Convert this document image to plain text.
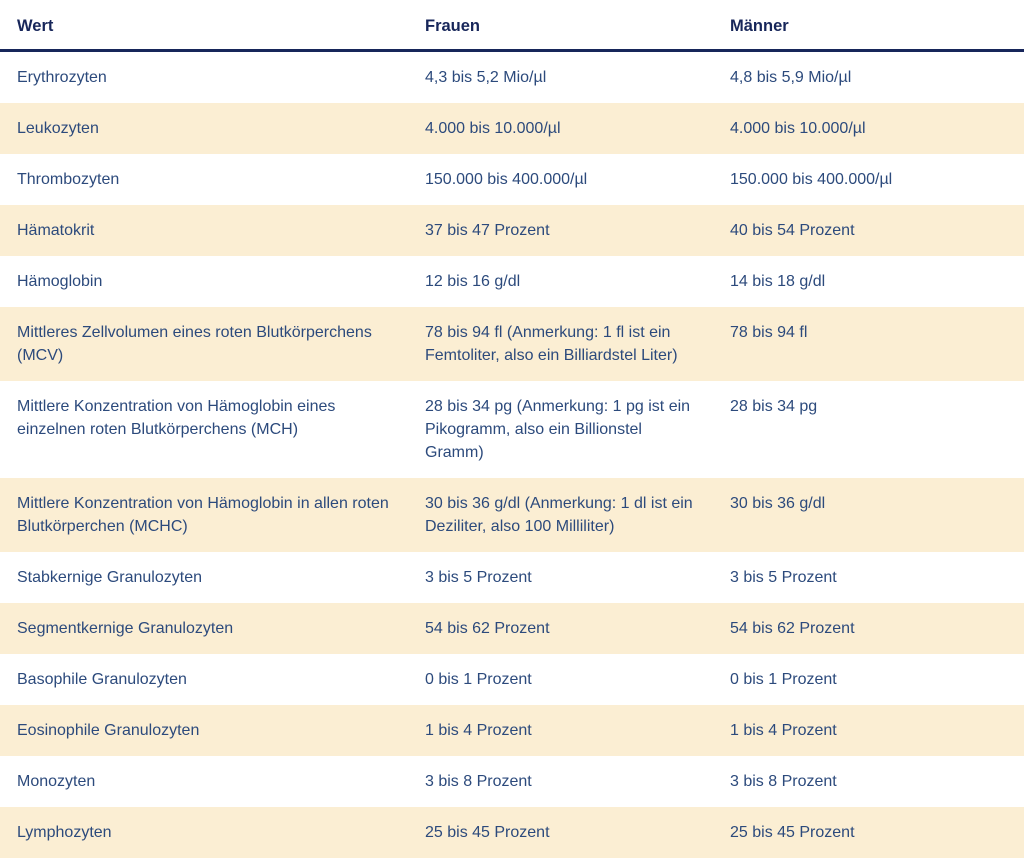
Wert	Frauen	Männer
Erythrozyten	4,3 bis 5,2 Mio/µl	4,8 bis 5,9 Mio/µl
Leukozyten	4.000 bis 10.000/µl	4.000 bis 10.000/µl
Thrombozyten	150.000 bis 400.000/µl	150.000 bis 400.000/µl
Hämatokrit	37 bis 47 Prozent	40 bis 54 Prozent
Hämoglobin	12 bis 16 g/dl	14 bis 18 g/dl
Mittleres Zellvolumen eines roten Blutkörperchens (MCV)	78 bis 94 fl (Anmerkung: 1 fl ist ein Femtoliter, also ein Billiardstel Liter)	78 bis 94 fl
Mittlere Konzentration von Hämoglobin eines einzelnen roten Blutkörperchens (MCH)	28 bis 34 pg (Anmerkung: 1 pg ist ein Pikogramm, also ein Billionstel Gramm)	28 bis 34 pg
Mittlere Konzentration von Hämoglobin in allen roten Blutkörperchen (MCHC)	30 bis 36 g/dl (Anmerkung: 1 dl ist ein Deziliter, also 100 Milliliter)	30 bis 36 g/dl
Stabkernige Granulozyten	3 bis 5 Prozent	3 bis 5 Prozent
Segmentkernige Granulozyten	54 bis 62 Prozent	54 bis 62 Prozent
Basophile Granulozyten	0 bis 1 Prozent	0 bis 1 Prozent
Eosinophile Granulozyten	1 bis 4 Prozent	1 bis 4 Prozent
Monozyten	3 bis 8 Prozent	3 bis 8 Prozent
Lymphozyten	25 bis 45 Prozent	25 bis 45 Prozent
